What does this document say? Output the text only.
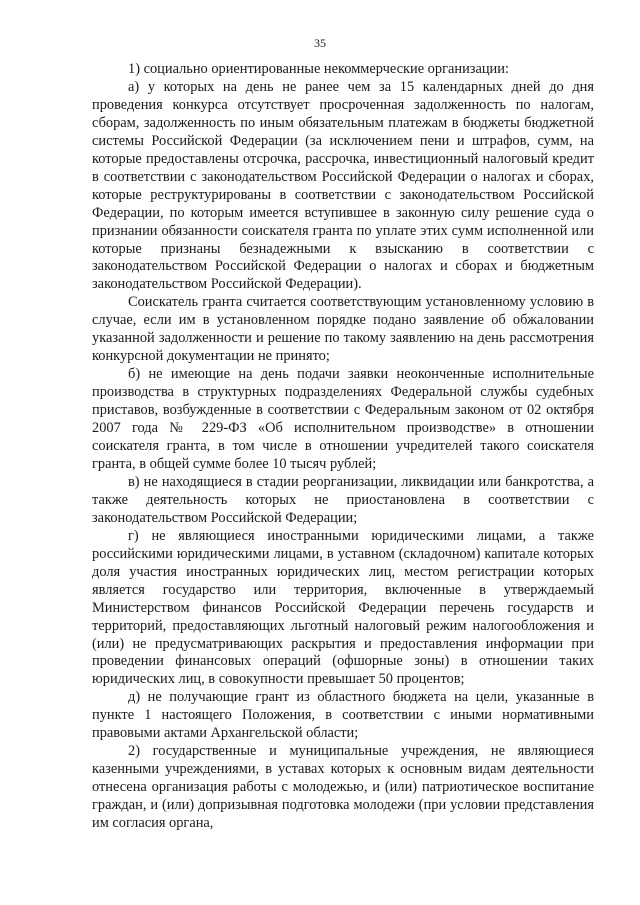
35

1) социально ориентированные некоммерческие организации:

а) у которых на день не ранее чем за 15 календарных дней до дня проведения конкурса отсутствует просроченная задолженность по налогам, сборам, задолженность по иным обязательным платежам в бюджеты бюджетной системы Российской Федерации (за исключением пени и штрафов, сумм, на которые предоставлены отсрочка, рассрочка, инвестиционный налоговый кредит в соответствии с законодательством Российской Федерации о налогах и сборах, которые реструктурированы в соответствии с законодательством Российской Федерации, по которым имеется вступившее в законную силу решение суда о признании обязанности соискателя гранта по уплате этих сумм исполненной или которые признаны безнадежными к взысканию в соответствии с законодательством Российской Федерации о налогах и сборах и бюджетным законодательством Российской Федерации).

Соискатель гранта считается соответствующим установленному условию в случае, если им в установленном порядке подано заявление об обжаловании указанной задолженности и решение по такому заявлению на день рассмотрения конкурсной документации не принято;

б) не имеющие на день подачи заявки неоконченные исполнительные производства в структурных подразделениях Федеральной службы судебных приставов, возбужденные в соответствии с Федеральным законом от 02 октября 2007 года № 229-ФЗ «Об исполнительном производстве» в отношении соискателя гранта, в том числе в отношении учредителей такого соискателя гранта, в общей сумме более 10 тысяч рублей;

в) не находящиеся в стадии реорганизации, ликвидации или банкротства, а также деятельность которых не приостановлена в соответствии с законодательством Российской Федерации;

г) не являющиеся иностранными юридическими лицами, а также российскими юридическими лицами, в уставном (складочном) капитале которых доля участия иностранных юридических лиц, местом регистрации которых является государство или территория, включенные в утверждаемый Министерством финансов Российской Федерации перечень государств и территорий, предоставляющих льготный налоговый режим налогообложения и (или) не предусматривающих раскрытия и предоставления информации при проведении финансовых операций (офшорные зоны) в отношении таких юридических лиц, в совокупности превышает 50 процентов;

д) не получающие грант из областного бюджета на цели, указанные в пункте 1 настоящего Положения, в соответствии с иными нормативными правовыми актами Архангельской области;

2) государственные и муниципальные учреждения, не являющиеся казенными учреждениями, в уставах которых к основным видам деятельности отнесена организация работы с молодежью, и (или) патриотическое воспитание граждан, и (или) допризывная подготовка молодежи (при условии представления им согласия органа,
